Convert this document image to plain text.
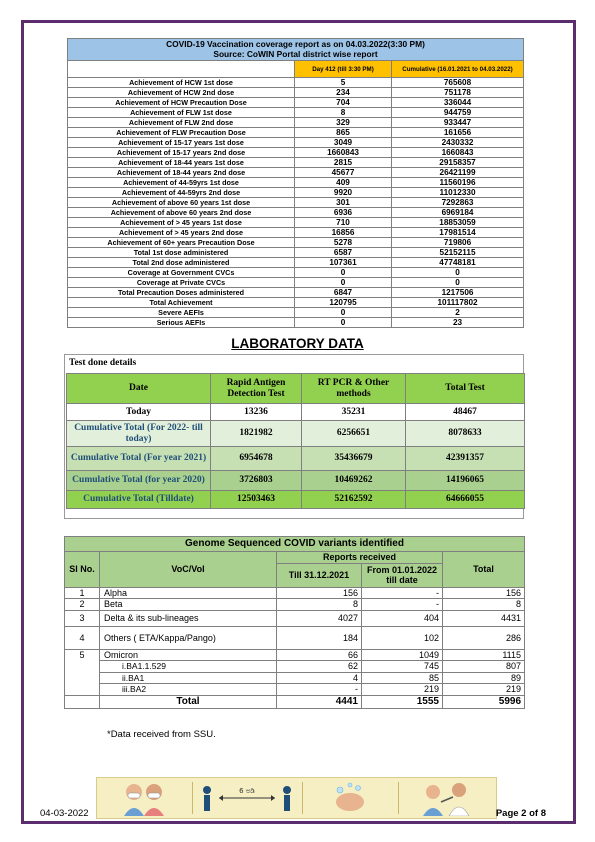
COVID-19 Vaccination coverage report as on 04.03.2022(3:30 PM)		
Source: CoWIN Portal district wise report		
	Day 412 (till 3:30 PM)	Cumulative (16.01.2021 to 04.03.2022)
Achievement of HCW 1st dose	5	765608
Achievement of HCW 2nd dose	234	751178
Achievement of HCW Precaution Dose	704	336044
Achievement of FLW 1st dose	8	944759
Achievement of FLW 2nd dose	329	933447
Achievement of FLW Precaution Dose	865	161656
Achievement of 15-17 years 1st dose	3049	2430332
Achievement of 15-17 years 2nd dose	1660843	1660843
Achievement of 18-44 years 1st dose	2815	29158357
Achievement of 18-44 years 2nd dose	45677	26421199
Achievement of 44-59yrs 1st dose	409	11560196
Achievement of 44-59yrs 2nd dose	9920	11012330
Achievement of above 60 years 1st dose	301	7292863
Achievement of above 60 years 2nd dose	6936	6969184
Achievement of > 45 years 1st dose	710	18853059
Achievement of > 45 years 2nd dose	16856	17981514
Achievement of 60+ years Precaution Dose	5278	719806
Total 1st dose administered	6587	52152115
Total 2nd dose administered	107361	47748181
Coverage at Government CVCs	0	0
Coverage at Private CVCs	0	0
Total Precaution Doses administered	6847	1217506
Total Achievement	120795	101117802
Severe AEFIs	0	2
Serious AEFIs	0	23
LABORATORY DATA
Test done details
Date	Rapid Antigen Detection Test	RT PCR & Other methods	Total Test
Today	13236	35231	48467
Cumulative Total (For 2022- till today)	1821982	6256651	8078633
Cumulative Total (For year 2021)	6954678	35436679	42391357
Cumulative Total (for year 2020)	3726803	10469262	14196065
Cumulative Total (Tilldate)	12503463	52162592	64666055
Genome Sequenced COVID variants identified				
Sl No.	VoC/VoI	Reports received		Total
		Till 31.12.2021	From 01.01.2022 till date	
1	Alpha	156	-	156
2	Beta	8	-	8
3	Delta & its sub-lineages	4027	404	4431
4	Others ( ETA/Kappa/Pango)	184	102	286
5	Omicron	66	1049	1115
	i.BA1.1.529	62	745	807
	ii.BA1	4	85	89
	iii.BA2	-	219	219
	Total	4441	1555	5996
*Data received from SSU.
6 ಅಡಿ
04-03-2022	Page 2 of 8
